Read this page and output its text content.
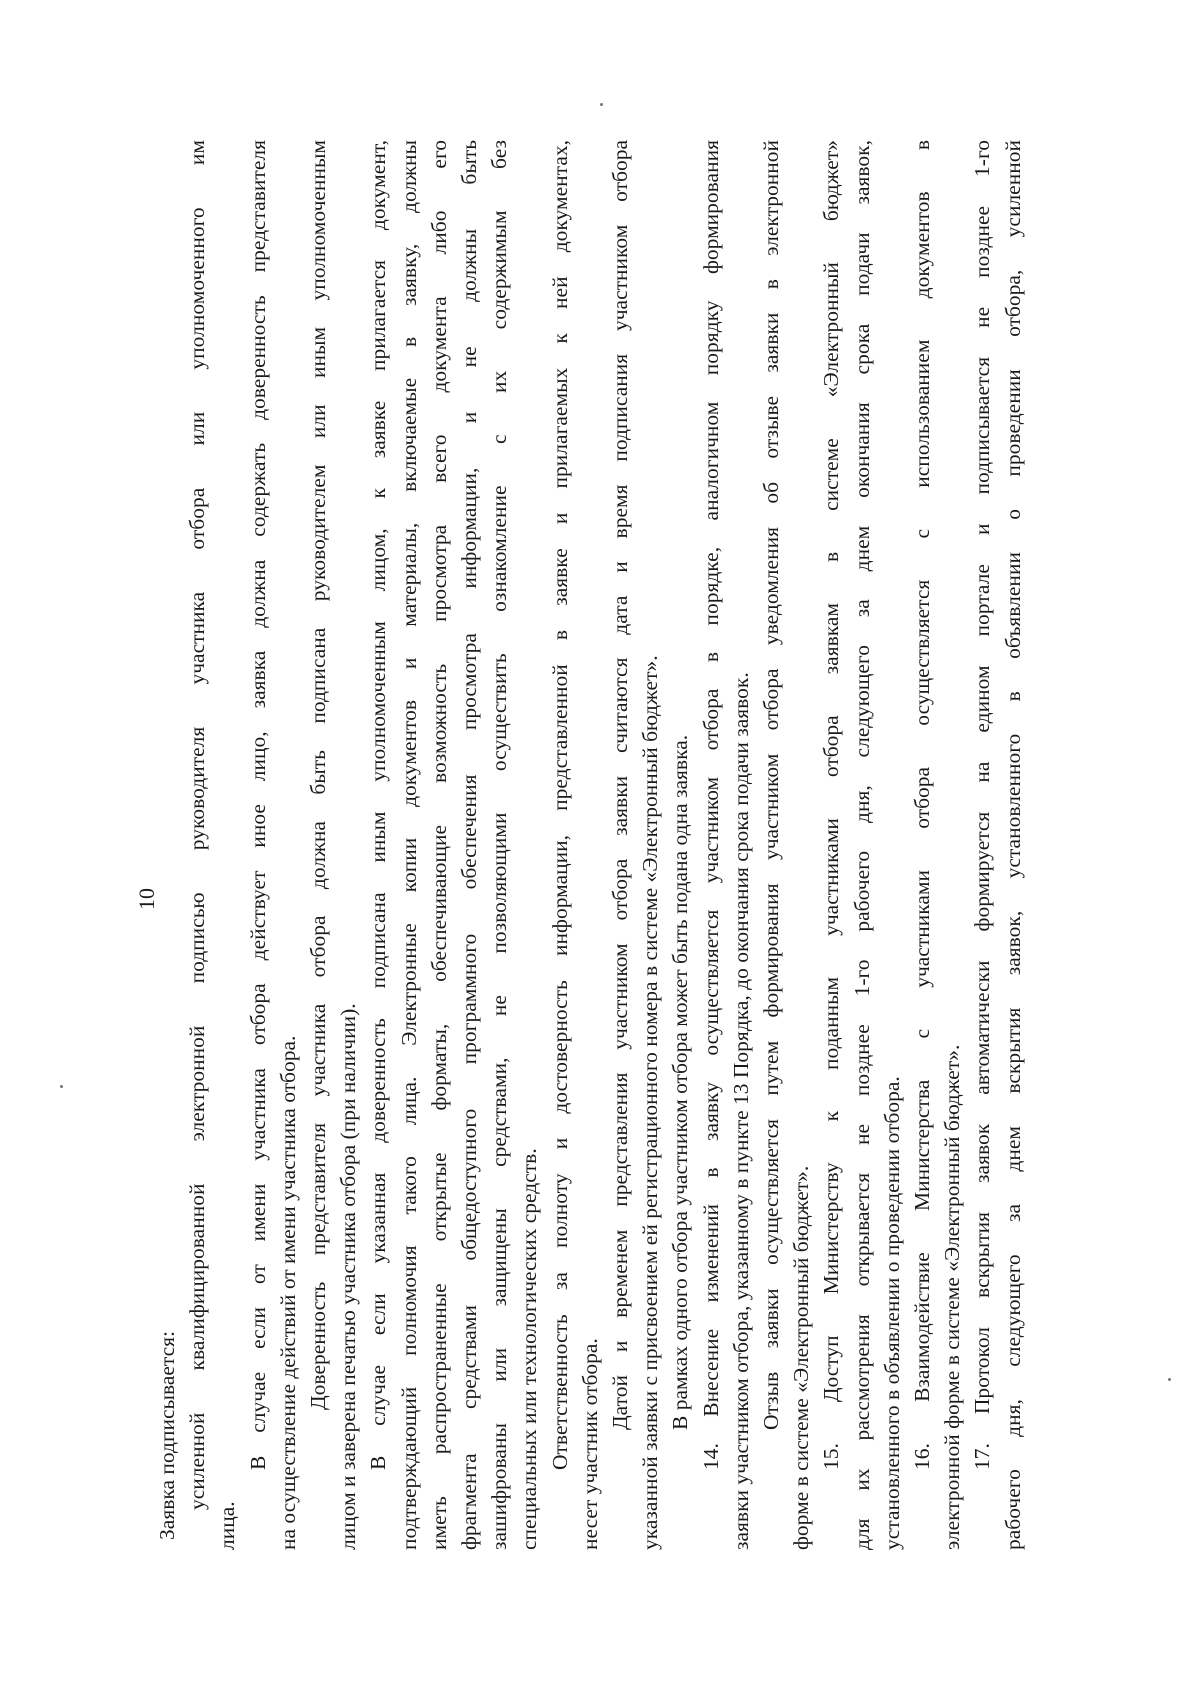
10
Заявка подписывается: усиленной квалифицированной электронной подписью руководителя участника отбора или уполномоченного им
лица.
В случае если от имени участника отбора действует иное лицо, заявка должна содержать доверенность представителя на осуществление действий от имени участника отбора. Доверенность представителя участника отбора должна быть подписана руководителем или иным уполномоченным лицом и заверена печатью участника отбора (при наличии). В случае если указанная доверенность подписана иным уполномоченным лицом, к заявке прилагается документ, подтверждающий полномочия такого лица. Электронные копии документов и материалы, включаемые в заявку, должны иметь распространенные открытые форматы, обеспечивающие возможность просмотра всего документа либо его фрагмента средствами общедоступного программного обеспечения просмотра информации, и не должны быть зашифрованы или защищены средствами, не позволяющими осуществить ознакомление с их содержимым без специальных или технологических средств. Ответственность за полноту и достоверность информации, представленной в заявке и прилагаемых к ней документах, несет участник отбора.
Датой и временем представления участником отбора заявки считаются дата и время подписания участником отбора указанной заявки с присвоением ей регистрационного номера в системе «Электронный бюджет». В рамках одного отбора участником отбора может быть подана одна заявка. 14. Внесение изменений в заявку осуществляется участником отбора в порядке, аналогичном порядку формирования заявки участником отбора, указанному в пункте 13 Порядка, до окончания срока подачи заявок. Отзыв заявки осуществляется путем формирования участником отбора уведомления об отзыве заявки в электронной форме в системе «Электронный бюджет». 15. Доступ Министерству к поданным участниками отбора заявкам в системе «Электронный бюджет» для их рассмотрения открывается не позднее 1-го рабочего дня, следующего за днем окончания срока подачи заявок, установленного в объявлении о проведении отбора. 16. Взаимодействие Министерства с участниками отбора осуществляется с использованием документов в электронной форме в системе «Электронный бюджет». 17. Протокол вскрытия заявок автоматически формируется на едином портале и подписывается не позднее 1-го рабочего дня, следующего за днем вскрытия заявок, установленного в объявлении о проведении отбора, усиленной
